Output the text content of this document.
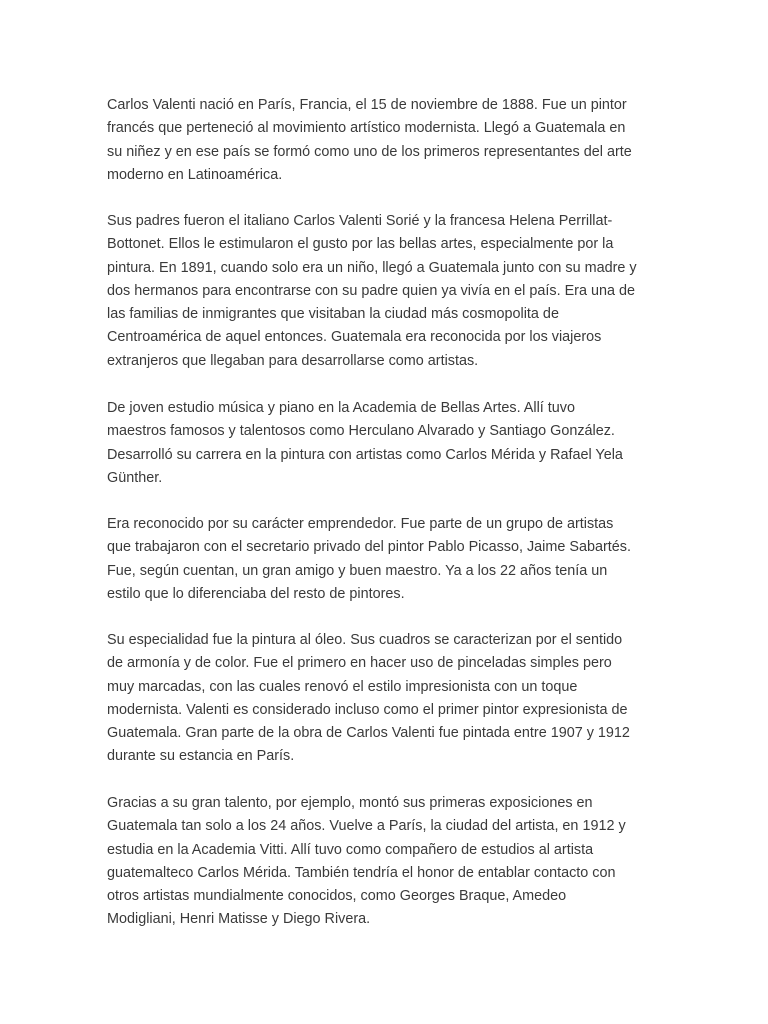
Carlos Valenti nació en París, Francia, el 15 de noviembre de 1888. Fue un pintor
francés que perteneció al movimiento artístico modernista. Llegó a Guatemala en
su niñez y en ese país se formó como uno de los primeros representantes del arte
moderno en Latinoamérica.

Sus padres fueron el italiano Carlos Valenti Sorié y la francesa Helena Perrillat-
Bottonet. Ellos le estimularon el gusto por las bellas artes, especialmente por la
pintura. En 1891, cuando solo era un niño, llegó a Guatemala junto con su madre y
dos hermanos para encontrarse con su padre quien ya vivía en el país. Era una de
las familias de inmigrantes que visitaban la ciudad más cosmopolita de
Centroamérica de aquel entonces. Guatemala era reconocida por los viajeros
extranjeros que llegaban para desarrollarse como artistas.

De joven estudio música y piano en la Academia de Bellas Artes. Allí tuvo
maestros famosos y talentosos como Herculano Alvarado y Santiago González.
Desarrolló su carrera en la pintura con artistas como Carlos Mérida y Rafael Yela
Günther.

Era reconocido por su carácter emprendedor. Fue parte de un grupo de artistas
que trabajaron con el secretario privado del pintor Pablo Picasso, Jaime Sabartés.
Fue, según cuentan, un gran amigo y buen maestro. Ya a los 22 años tenía un
estilo que lo diferenciaba del resto de pintores.

Su especialidad fue la pintura al óleo. Sus cuadros se caracterizan por el sentido
de armonía y de color. Fue el primero en hacer uso de pinceladas simples pero
muy marcadas, con las cuales renovó el estilo impresionista con un toque
modernista. Valenti es considerado incluso como el primer pintor expresionista de
Guatemala. Gran parte de la obra de Carlos Valenti fue pintada entre 1907 y 1912
durante su estancia en París.

Gracias a su gran talento, por ejemplo, montó sus primeras exposiciones en
Guatemala tan solo a los 24 años. Vuelve a París, la ciudad del artista, en 1912 y
estudia en la Academia Vitti. Allí tuvo como compañero de estudios al artista
guatemalteco Carlos Mérida. También tendría el honor de entablar contacto con
otros artistas mundialmente conocidos, como Georges Braque, Amedeo
Modigliani, Henri Matisse y Diego Rivera.
